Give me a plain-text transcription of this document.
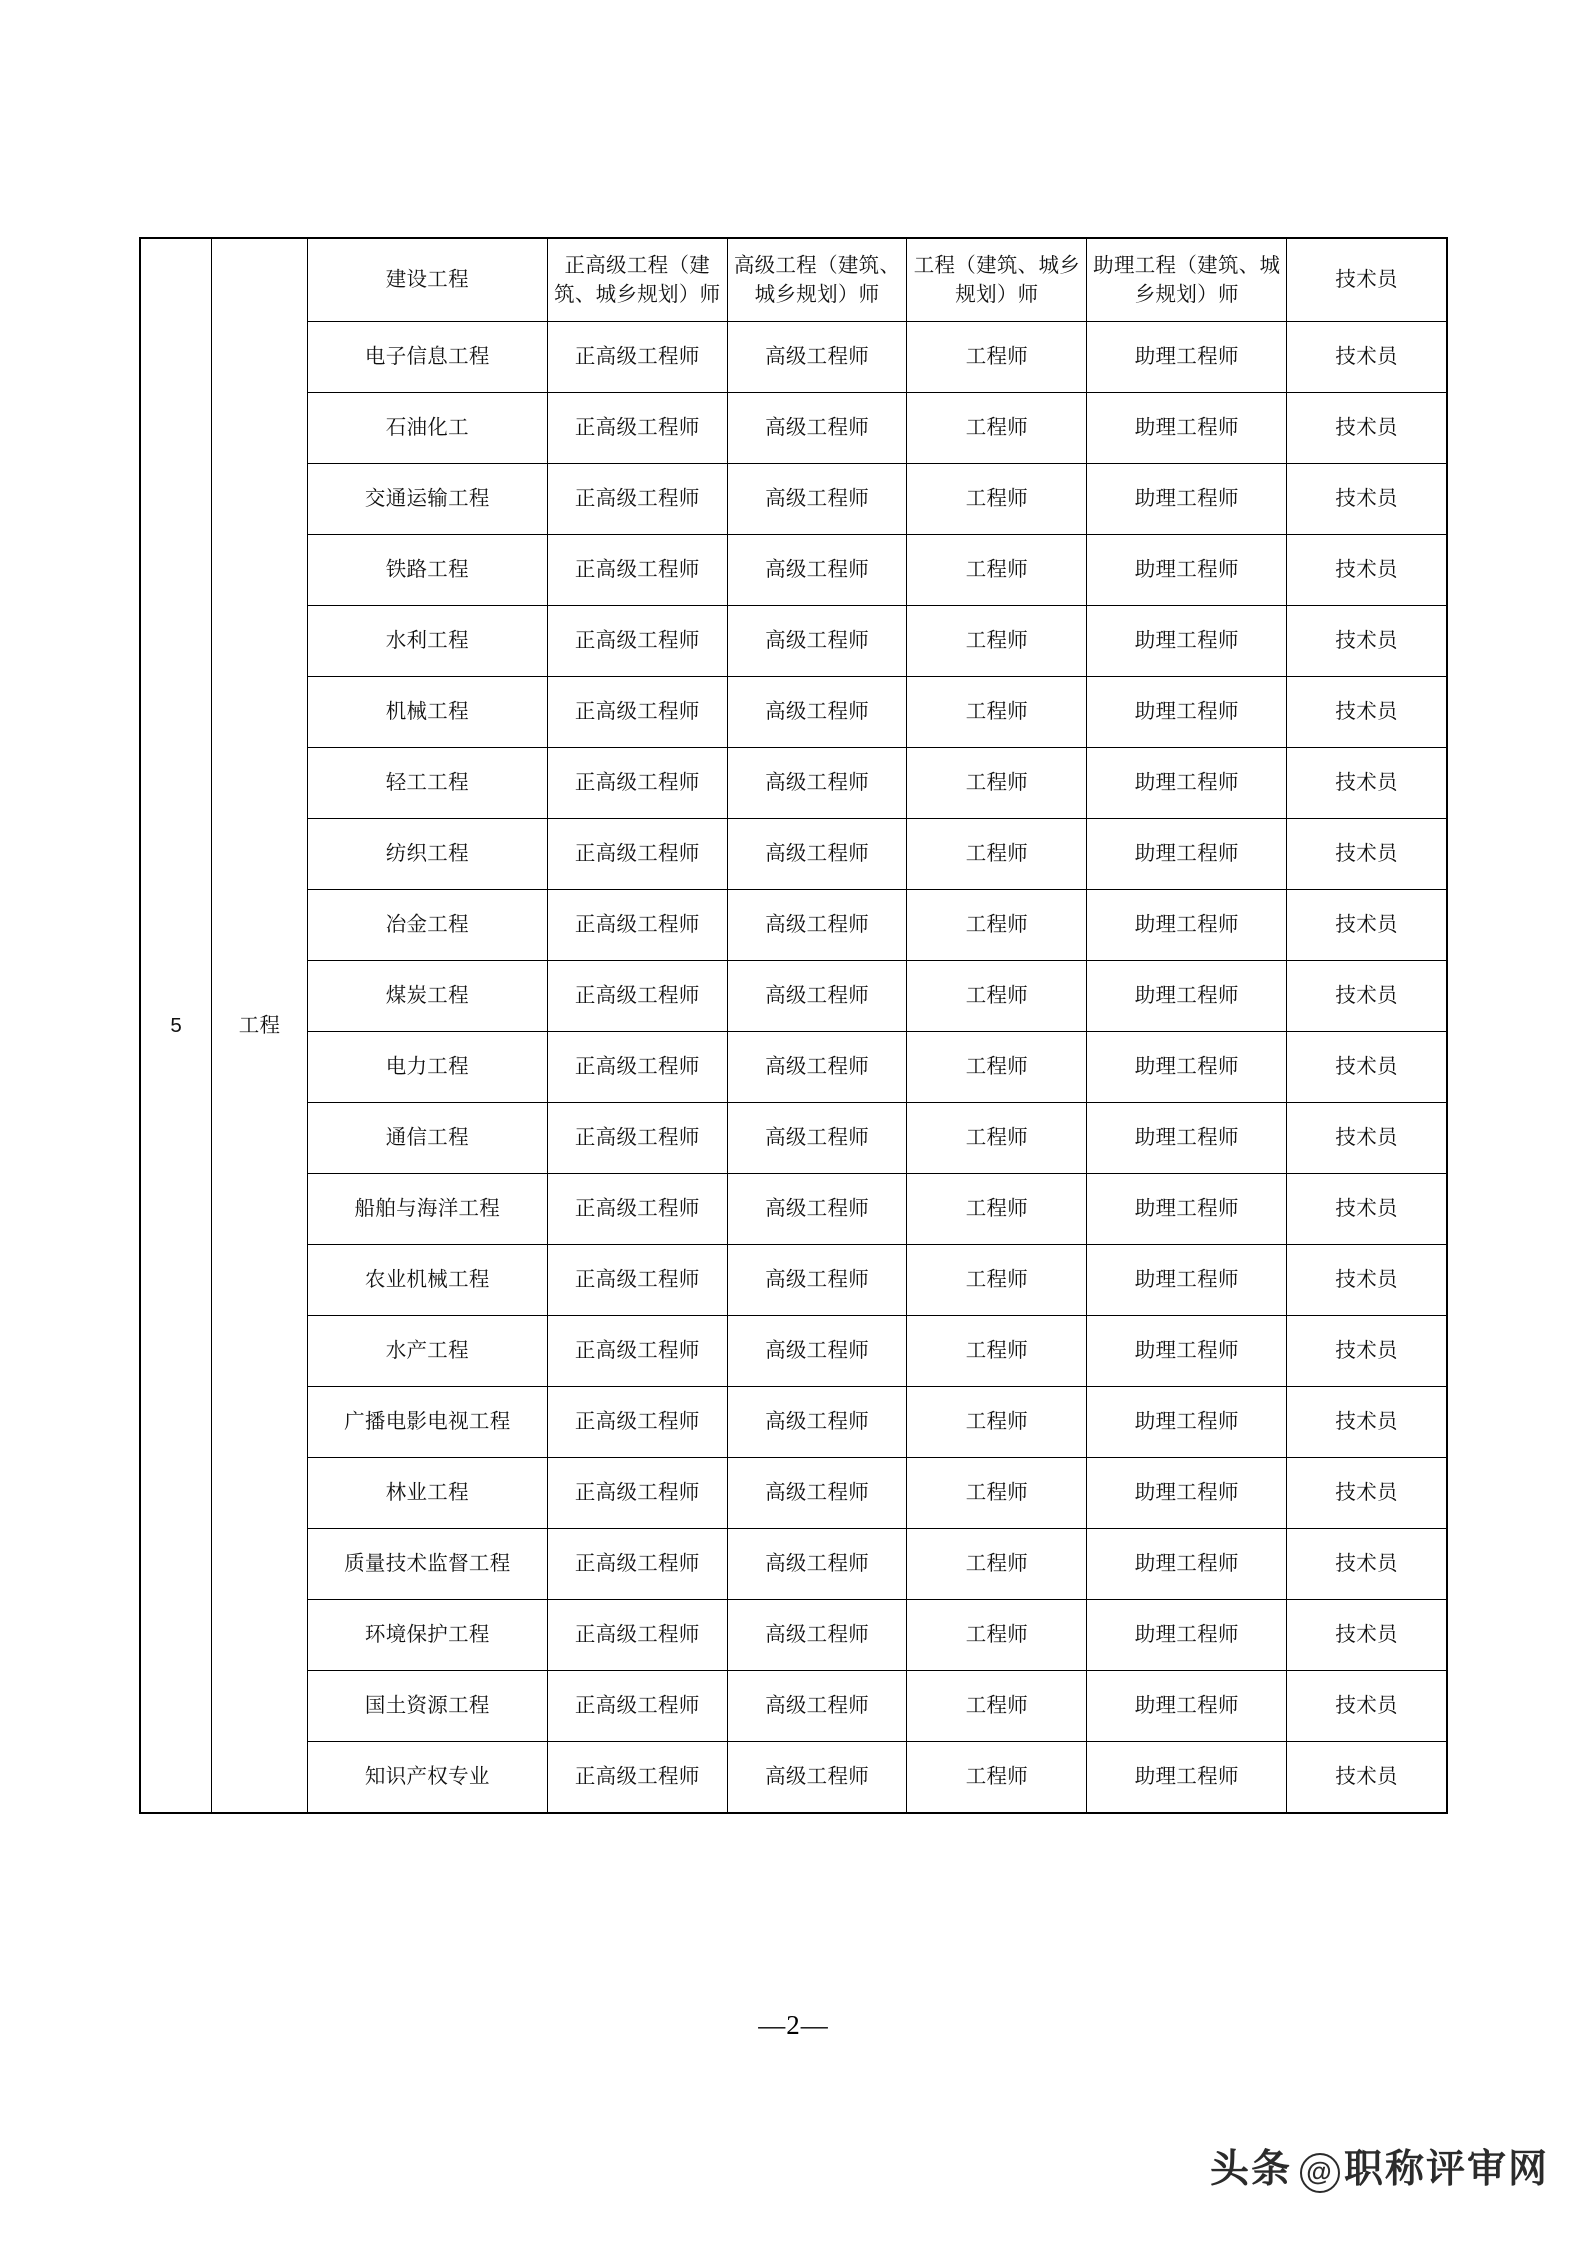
5	工程	建设工程	正高级工程（建筑、城乡规划）师	高级工程（建筑、城乡规划）师	工程（建筑、城乡规划）师	助理工程（建筑、城乡规划）师	技术员
		电子信息工程	正高级工程师	高级工程师	工程师	助理工程师	技术员
		石油化工	正高级工程师	高级工程师	工程师	助理工程师	技术员
		交通运输工程	正高级工程师	高级工程师	工程师	助理工程师	技术员
		铁路工程	正高级工程师	高级工程师	工程师	助理工程师	技术员
		水利工程	正高级工程师	高级工程师	工程师	助理工程师	技术员
		机械工程	正高级工程师	高级工程师	工程师	助理工程师	技术员
		轻工工程	正高级工程师	高级工程师	工程师	助理工程师	技术员
		纺织工程	正高级工程师	高级工程师	工程师	助理工程师	技术员
		冶金工程	正高级工程师	高级工程师	工程师	助理工程师	技术员
		煤炭工程	正高级工程师	高级工程师	工程师	助理工程师	技术员
		电力工程	正高级工程师	高级工程师	工程师	助理工程师	技术员
		通信工程	正高级工程师	高级工程师	工程师	助理工程师	技术员
		船舶与海洋工程	正高级工程师	高级工程师	工程师	助理工程师	技术员
		农业机械工程	正高级工程师	高级工程师	工程师	助理工程师	技术员
		水产工程	正高级工程师	高级工程师	工程师	助理工程师	技术员
		广播电影电视工程	正高级工程师	高级工程师	工程师	助理工程师	技术员
		林业工程	正高级工程师	高级工程师	工程师	助理工程师	技术员
		质量技术监督工程	正高级工程师	高级工程师	工程师	助理工程师	技术员
		环境保护工程	正高级工程师	高级工程师	工程师	助理工程师	技术员
		国土资源工程	正高级工程师	高级工程师	工程师	助理工程师	技术员
		知识产权专业	正高级工程师	高级工程师	工程师	助理工程师	技术员
—2—
头条 @ 职称评审网
